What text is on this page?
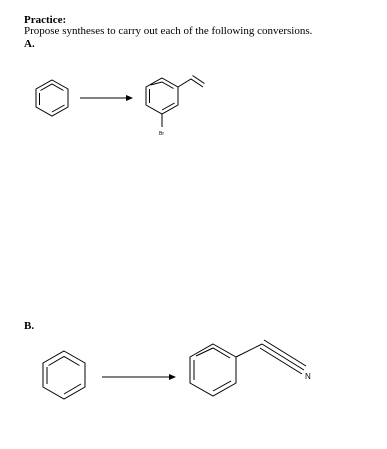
Practice:
Propose syntheses to carry out each of the following conversions.
A.
B.
Br
N
